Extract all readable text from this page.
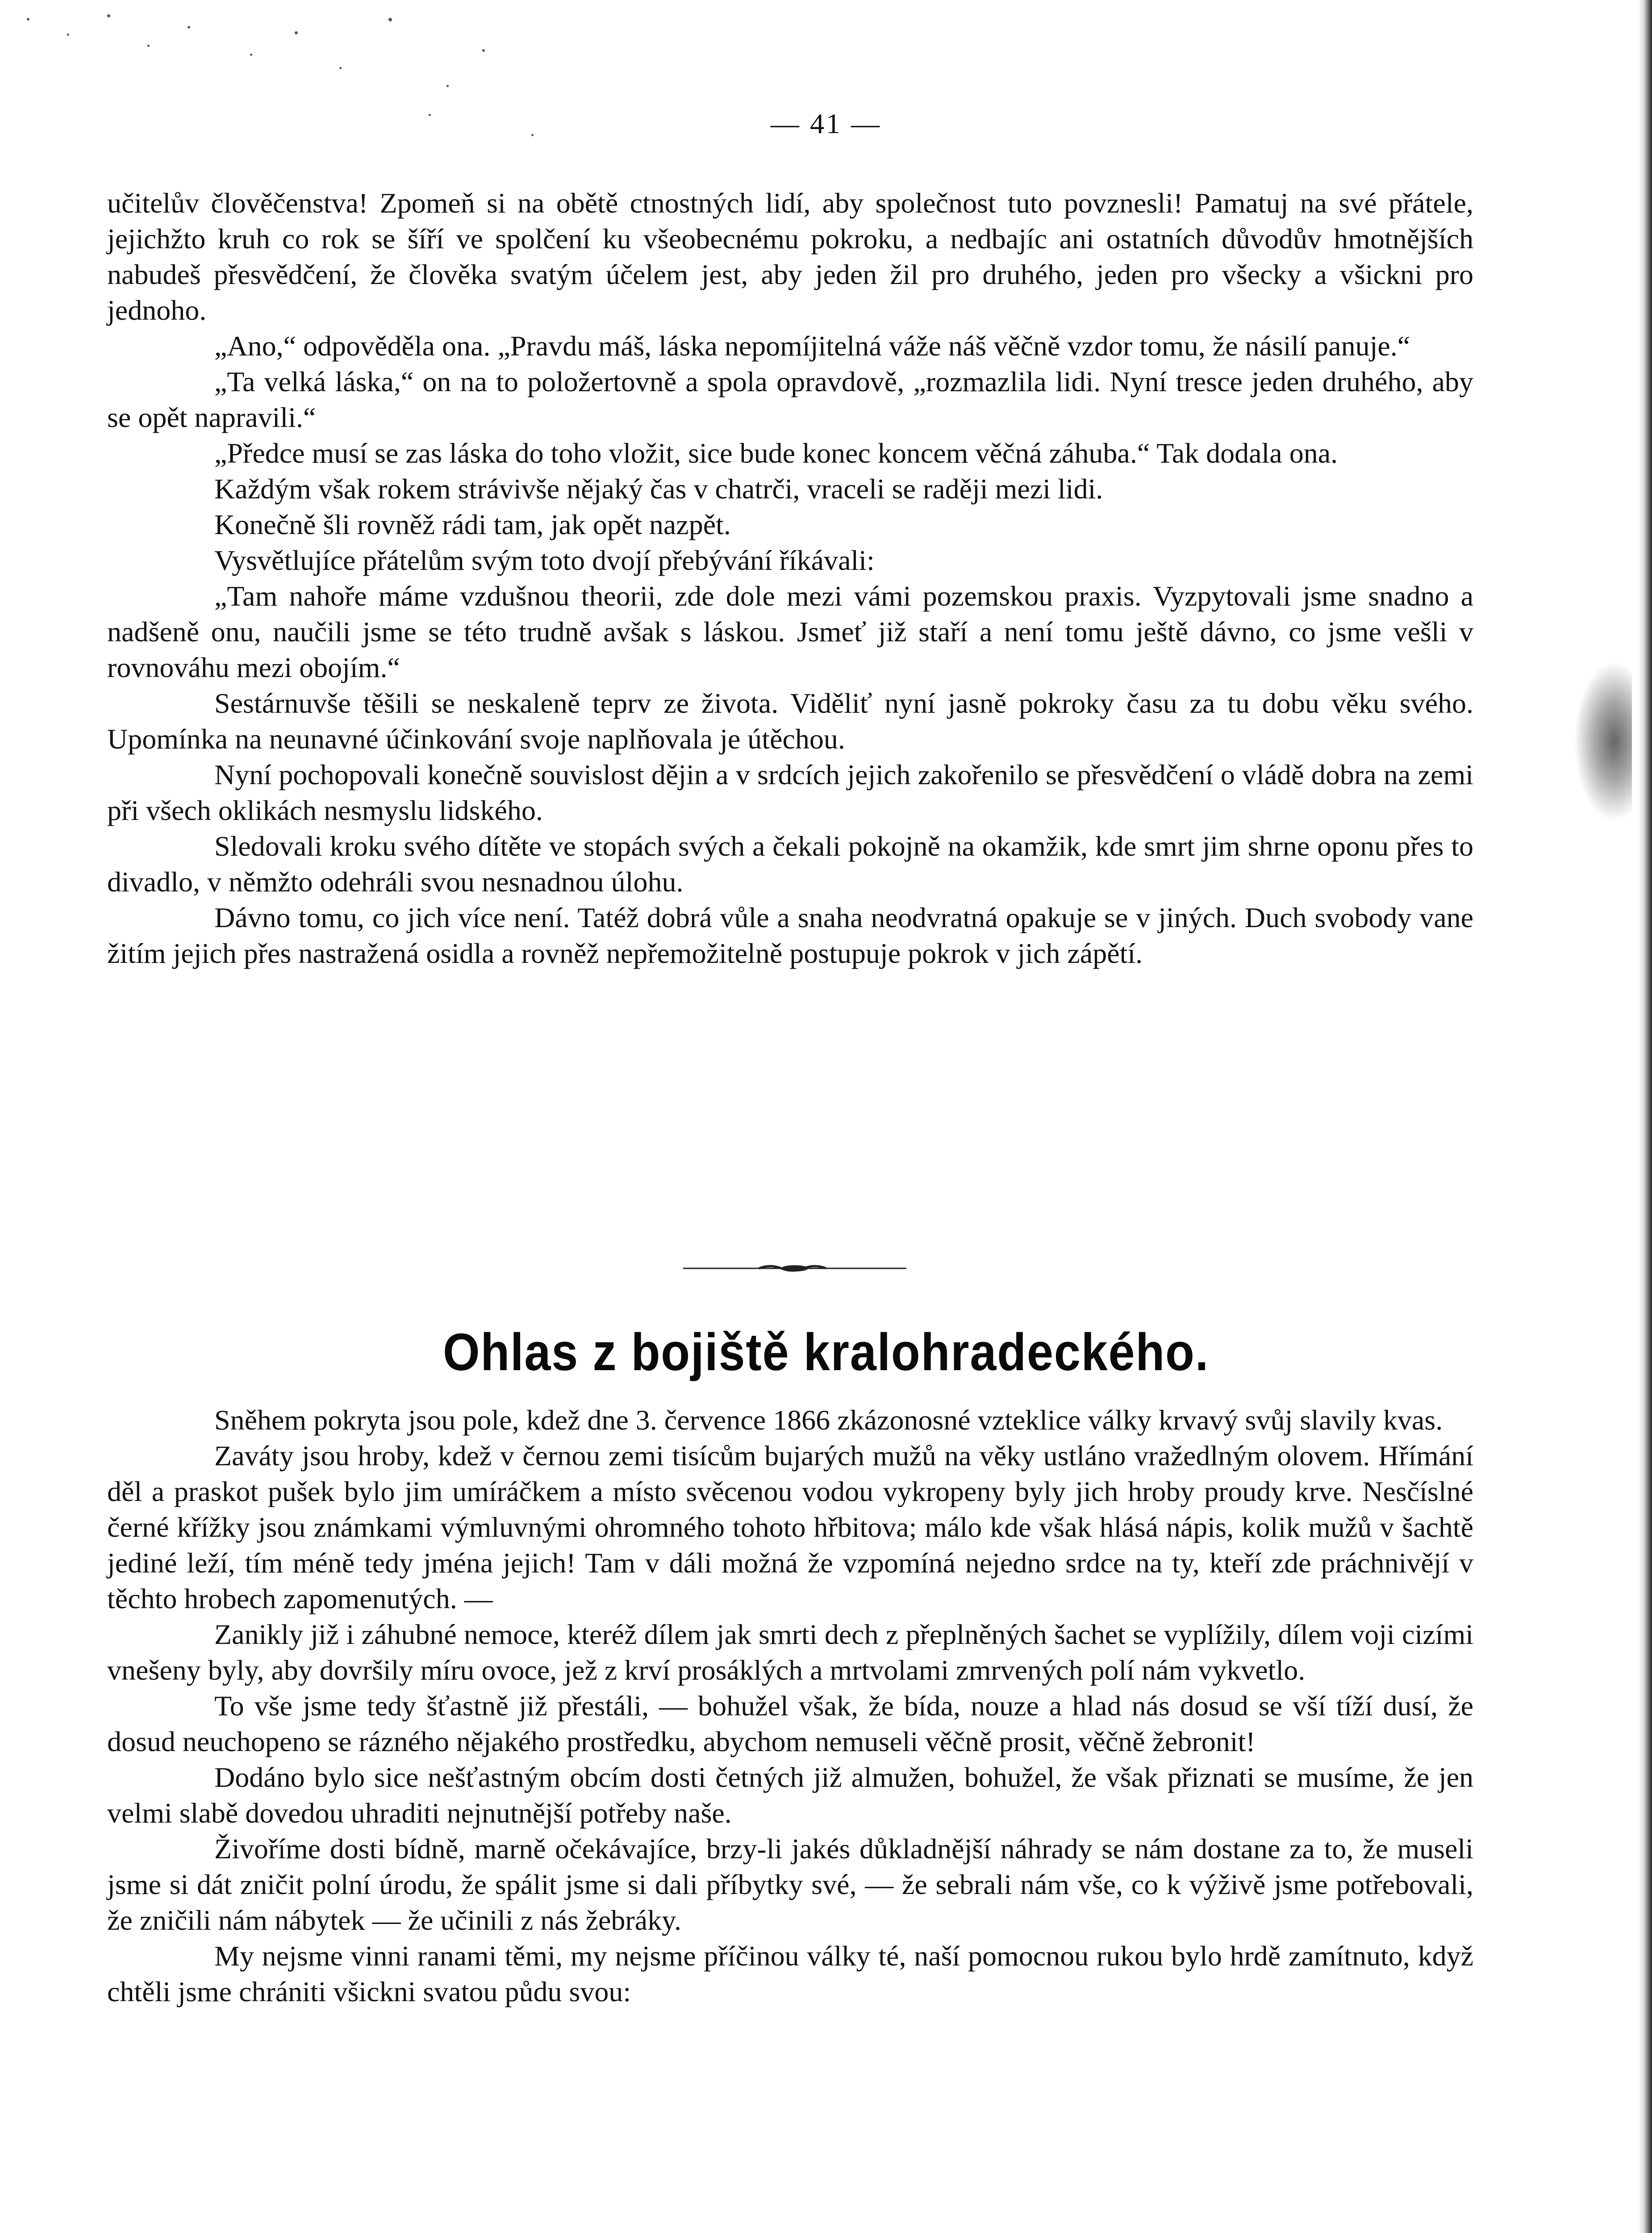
— 41 —

učitelův člověčenstva! Zpomeň si na obětě ctnostných lidí, aby společnost tuto povznesli! Pamatuj na své přátele, jejichžto kruh co rok se šíří ve spolčení ku všeobecnému pokroku, a nedbajíc ani ostatních důvodův hmotnějších nabudeš přesvědčení, že člověka svatým účelem jest, aby jeden žil pro druhého, jeden pro všecky a všickni pro jednoho.

„Ano,“ odpověděla ona. „Pravdu máš, láska nepomíjitelná váže náš věčně vzdor tomu, že násilí panuje.“

„Ta velká láska,“ on na to položertovně a spola opravdově, „rozmazlila lidi. Nyní tresce jeden druhého, aby se opět napravili.“

„Předce musí se zas láska do toho vložit, sice bude konec koncem věčná záhuba.“ Tak dodala ona.

Každým však rokem strávivše nějaký čas v chatrči, vraceli se raději mezi lidi.

Konečně šli rovněž rádi tam, jak opět nazpět.

Vysvětlujíce přátelům svým toto dvojí přebývání říkávali:

„Tam nahoře máme vzdušnou theorii, zde dole mezi vámi pozemskou praxis. Vyzpytovali jsme snadno a nadšeně onu, naučili jsme se této trudně avšak s láskou. Jsmeť již staří a není tomu ještě dávno, co jsme vešli v rovnováhu mezi obojím.“

Sestárnuvše těšili se neskaleně teprv ze života. Viděliť nyní jasně pokroky času za tu dobu věku svého. Upomínka na neunavné účinkování svoje naplňovala je útěchou.

Nyní pochopovali konečně souvislost dějin a v srdcích jejich zakořenilo se přesvědčení o vládě dobra na zemi při všech oklikách nesmyslu lidského.

Sledovali kroku svého dítěte ve stopách svých a čekali pokojně na okamžik, kde smrt jim shrne oponu přes to divadlo, v němžto odehráli svou nesnadnou úlohu.

Dávno tomu, co jich více není. Tatéž dobrá vůle a snaha neodvratná opakuje se v jiných. Duch svobody vane žitím jejich přes nastražená osidla a rovněž nepřemožitelně postupuje pokrok v jich zápětí.

Ohlas z bojiště kralohradeckého.

Sněhem pokryta jsou pole, kdež dne 3. července 1866 zkázonosné vzteklice války krvavý svůj slavily kvas.

Zaváty jsou hroby, kdež v černou zemi tisícům bujarých mužů na věky ustláno vražedlným olovem. Hřímání děl a praskot pušek bylo jim umíráčkem a místo svěcenou vodou vykropeny byly jich hroby proudy krve. Nesčíslné černé křížky jsou známkami výmluvnými ohromného tohoto hřbitova; málo kde však hlásá nápis, kolik mužů v šachtě jediné leží, tím méně tedy jména jejich! Tam v dáli možná že vzpomíná nejedno srdce na ty, kteří zde práchnivějí v těchto hrobech zapomenutých. —

Zanikly již i záhubné nemoce, kteréž dílem jak smrti dech z přeplněných šachet se vyplížily, dílem voji cizími vnešeny byly, aby dovršily míru ovoce, jež z krví prosáklých a mrtvolami zmrvených polí nám vykvetlo.

To vše jsme tedy šťastně již přestáli, — bohužel však, že bída, nouze a hlad nás dosud se vší tíží dusí, že dosud neuchopeno se rázného nějakého prostředku, abychom nemuseli věčně prosit, věčně žebronit!

Dodáno bylo sice nešťastným obcím dosti četných již almužen, bohužel, že však přiznati se musíme, že jen velmi slabě dovedou uhraditi nejnutnější potřeby naše.

Živoříme dosti bídně, marně očekávajíce, brzy-li jakés důkladnější náhrady se nám dostane za to, že museli jsme si dát zničit polní úrodu, že spálit jsme si dali příbytky své, — že sebrali nám vše, co k výživě jsme potřebovali, že zničili nám nábytek — že učinili z nás žebráky.

My nejsme vinni ranami těmi, my nejsme příčinou války té, naší pomocnou rukou bylo hrdě zamítnuto, když chtěli jsme chrániti všickni svatou půdu svou:
